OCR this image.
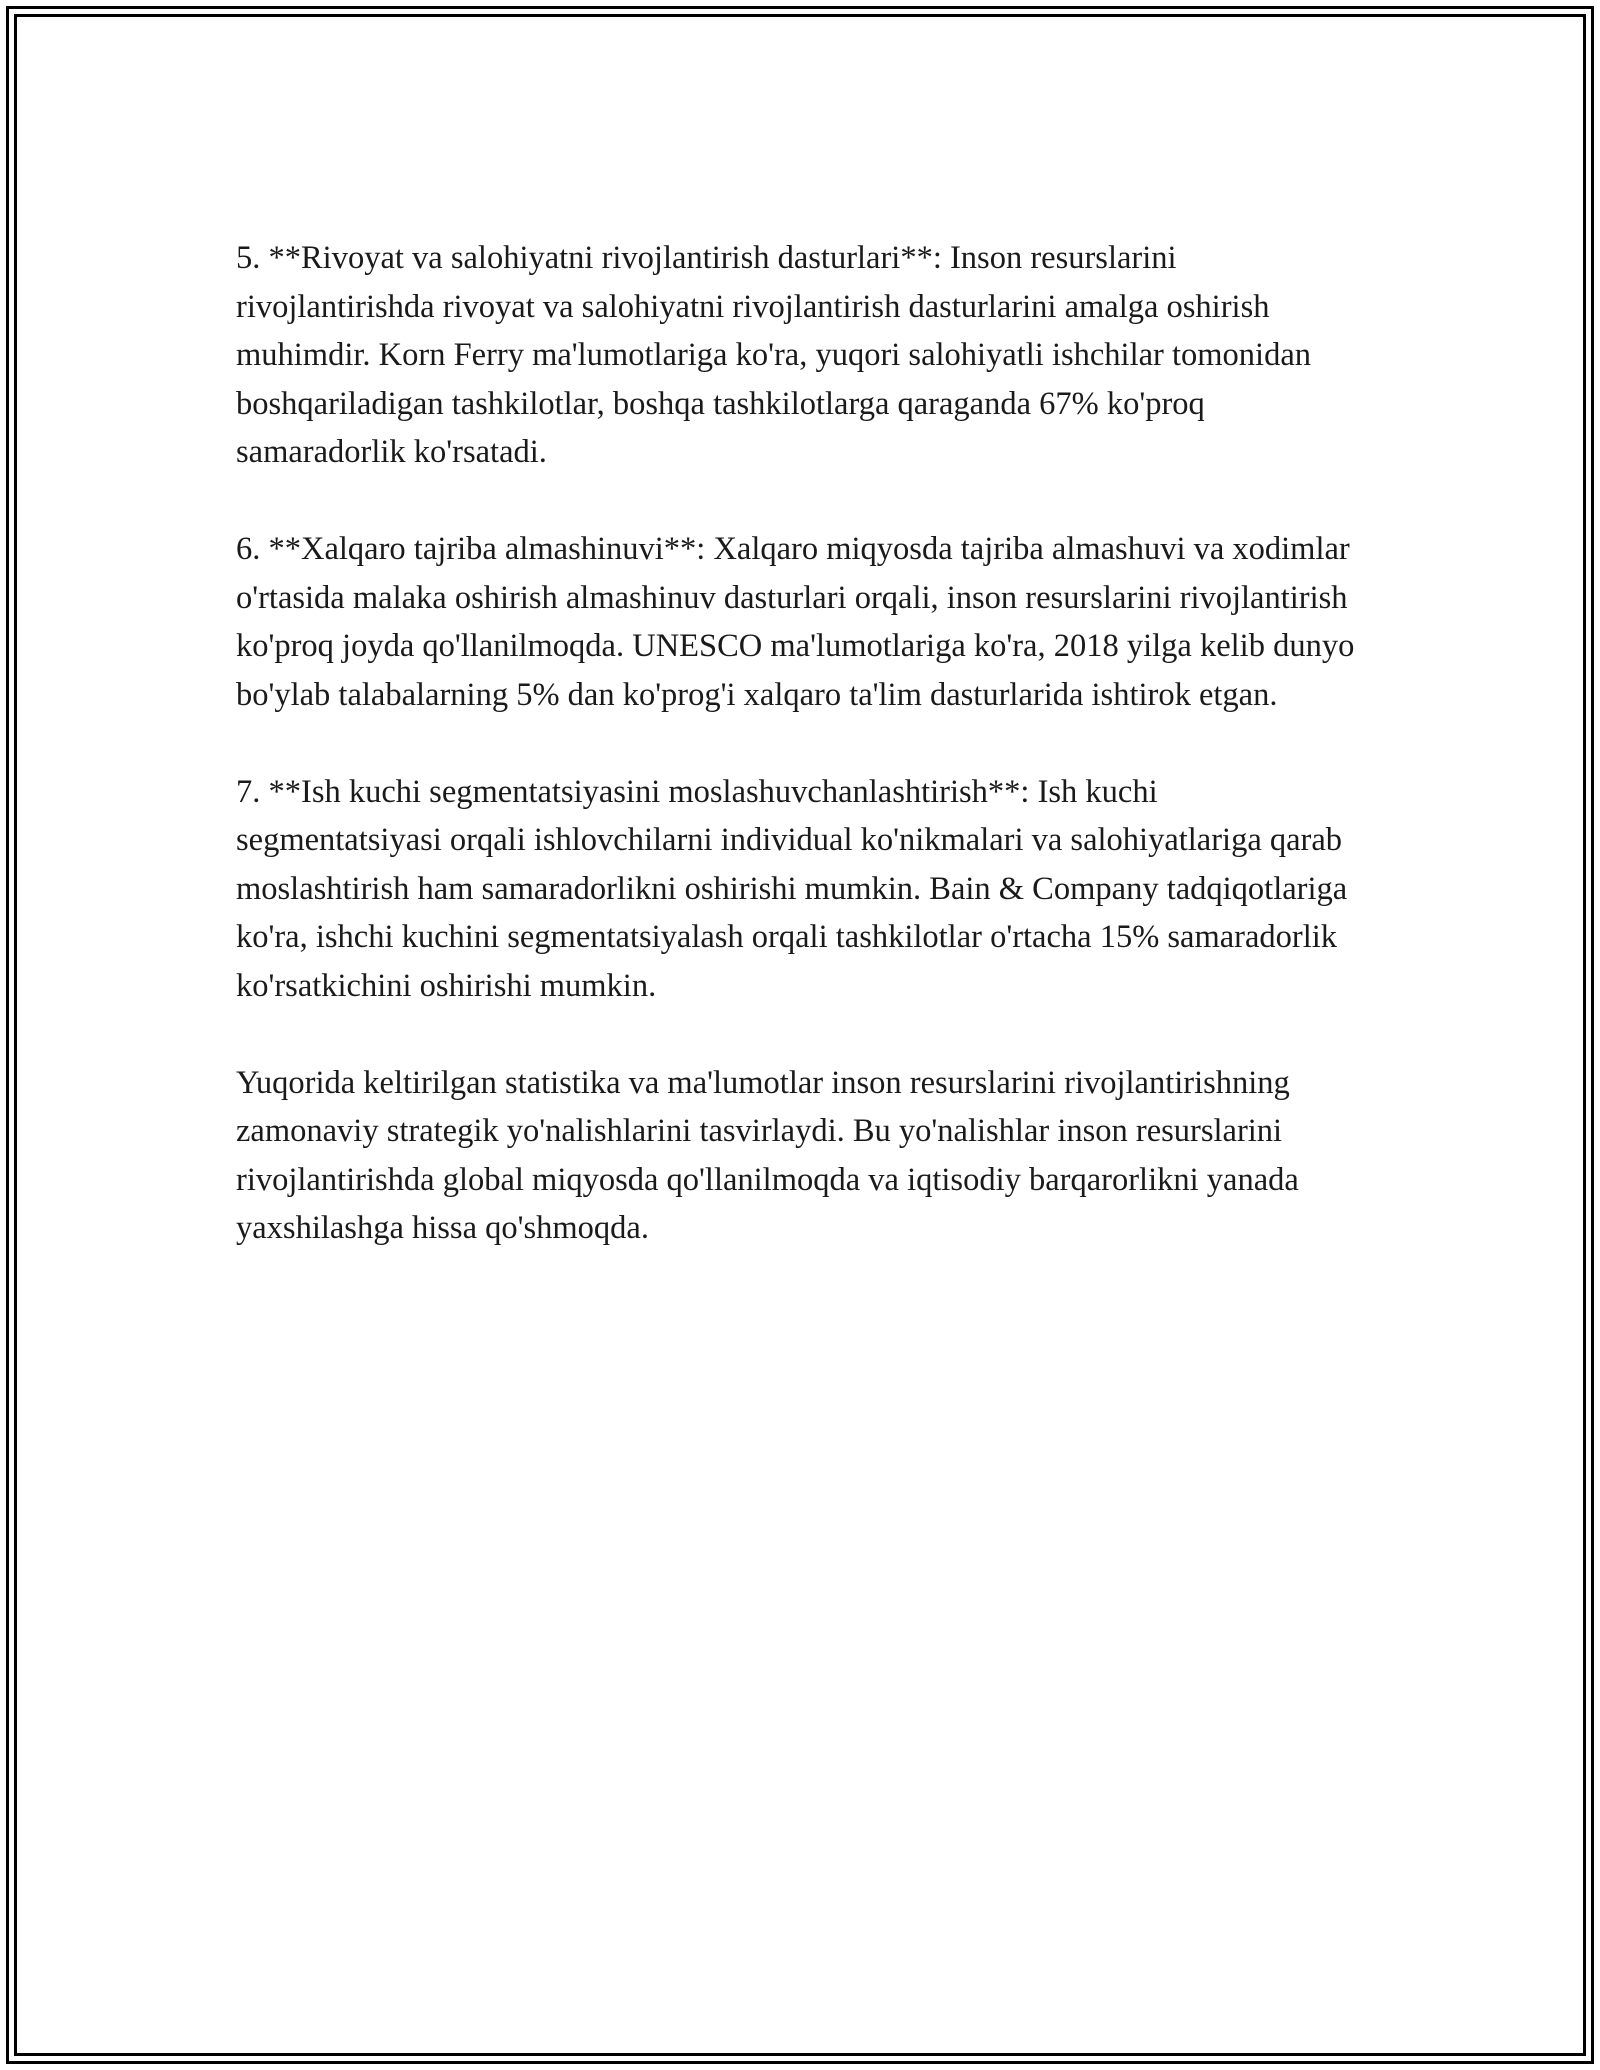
5. **Rivoyat va salohiyatni rivojlantirish dasturlari**: Inson resurslarini rivojlantirishda rivoyat va salohiyatni rivojlantirish dasturlarini amalga oshirish muhimdir. Korn Ferry ma'lumotlariga ko'ra, yuqori salohiyatli ishchilar tomonidan boshqariladigan tashkilotlar, boshqa tashkilotlarga qaraganda 67% ko'proq samaradorlik ko'rsatadi.

6. **Xalqaro tajriba almashinuvi**: Xalqaro miqyosda tajriba almashuvi va xodimlar o'rtasida malaka oshirish almashinuv dasturlari orqali, inson resurslarini rivojlantirish ko'proq joyda qo'llanilmoqda. UNESCO ma'lumotlariga ko'ra, 2018 yilga kelib dunyo bo'ylab talabalarning 5% dan ko'prog'i xalqaro ta'lim dasturlarida ishtirok etgan.

7. **Ish kuchi segmentatsiyasini moslashuvchanlashtirish**: Ish kuchi segmentatsiyasi orqali ishlovchilarni individual ko'nikmalari va salohiyatlariga qarab moslashtirish ham samaradorlikni oshirishi mumkin. Bain & Company tadqiqotlariga ko'ra, ishchi kuchini segmentatsiyalash orqali tashkilotlar o'rtacha 15% samaradorlik ko'rsatkichini oshirishi mumkin.

Yuqorida keltirilgan statistika va ma'lumotlar inson resurslarini rivojlantirishning zamonaviy strategik yo'nalishlarini tasvirlaydi. Bu yo'nalishlar inson resurslarini rivojlantirishda global miqyosda qo'llanilmoqda va iqtisodiy barqarorlikni yanada yaxshilashga hissa qo'shmoqda.
